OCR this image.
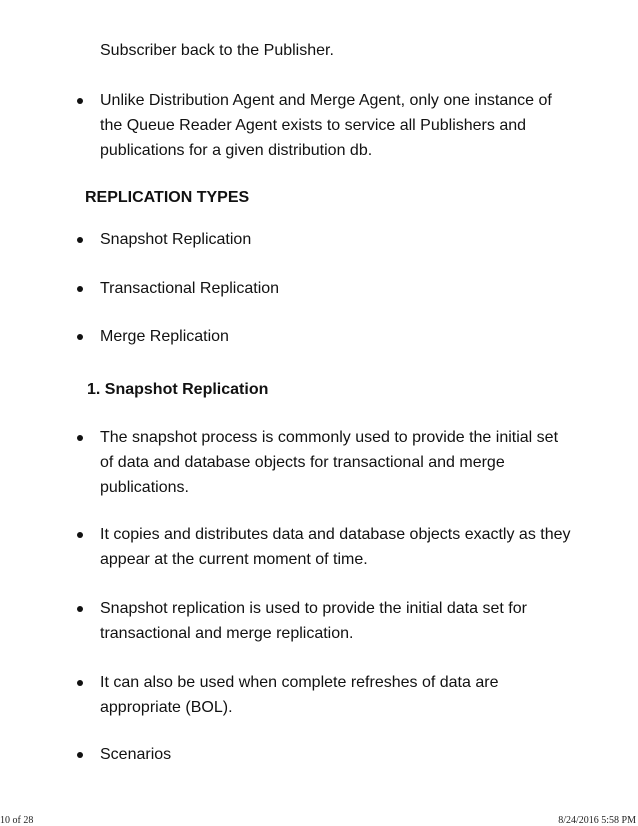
Subscriber back to the Publisher.
Unlike Distribution Agent and Merge Agent, only one instance of
the Queue Reader Agent exists to service all Publishers and
publications for a given distribution db.
REPLICATION TYPES
Snapshot Replication
Transactional Replication
Merge Replication
1. Snapshot Replication
The snapshot process is commonly used to provide the initial set
of data and database objects for transactional and merge
publications.
It copies and distributes data and database objects exactly as they
appear at the current moment of time.
Snapshot replication is used to provide the initial data set for
transactional and merge replication.
It can also be used when complete refreshes of data are
appropriate (BOL).
Scenarios
10 of 28	8/24/2016 5:58 PM
